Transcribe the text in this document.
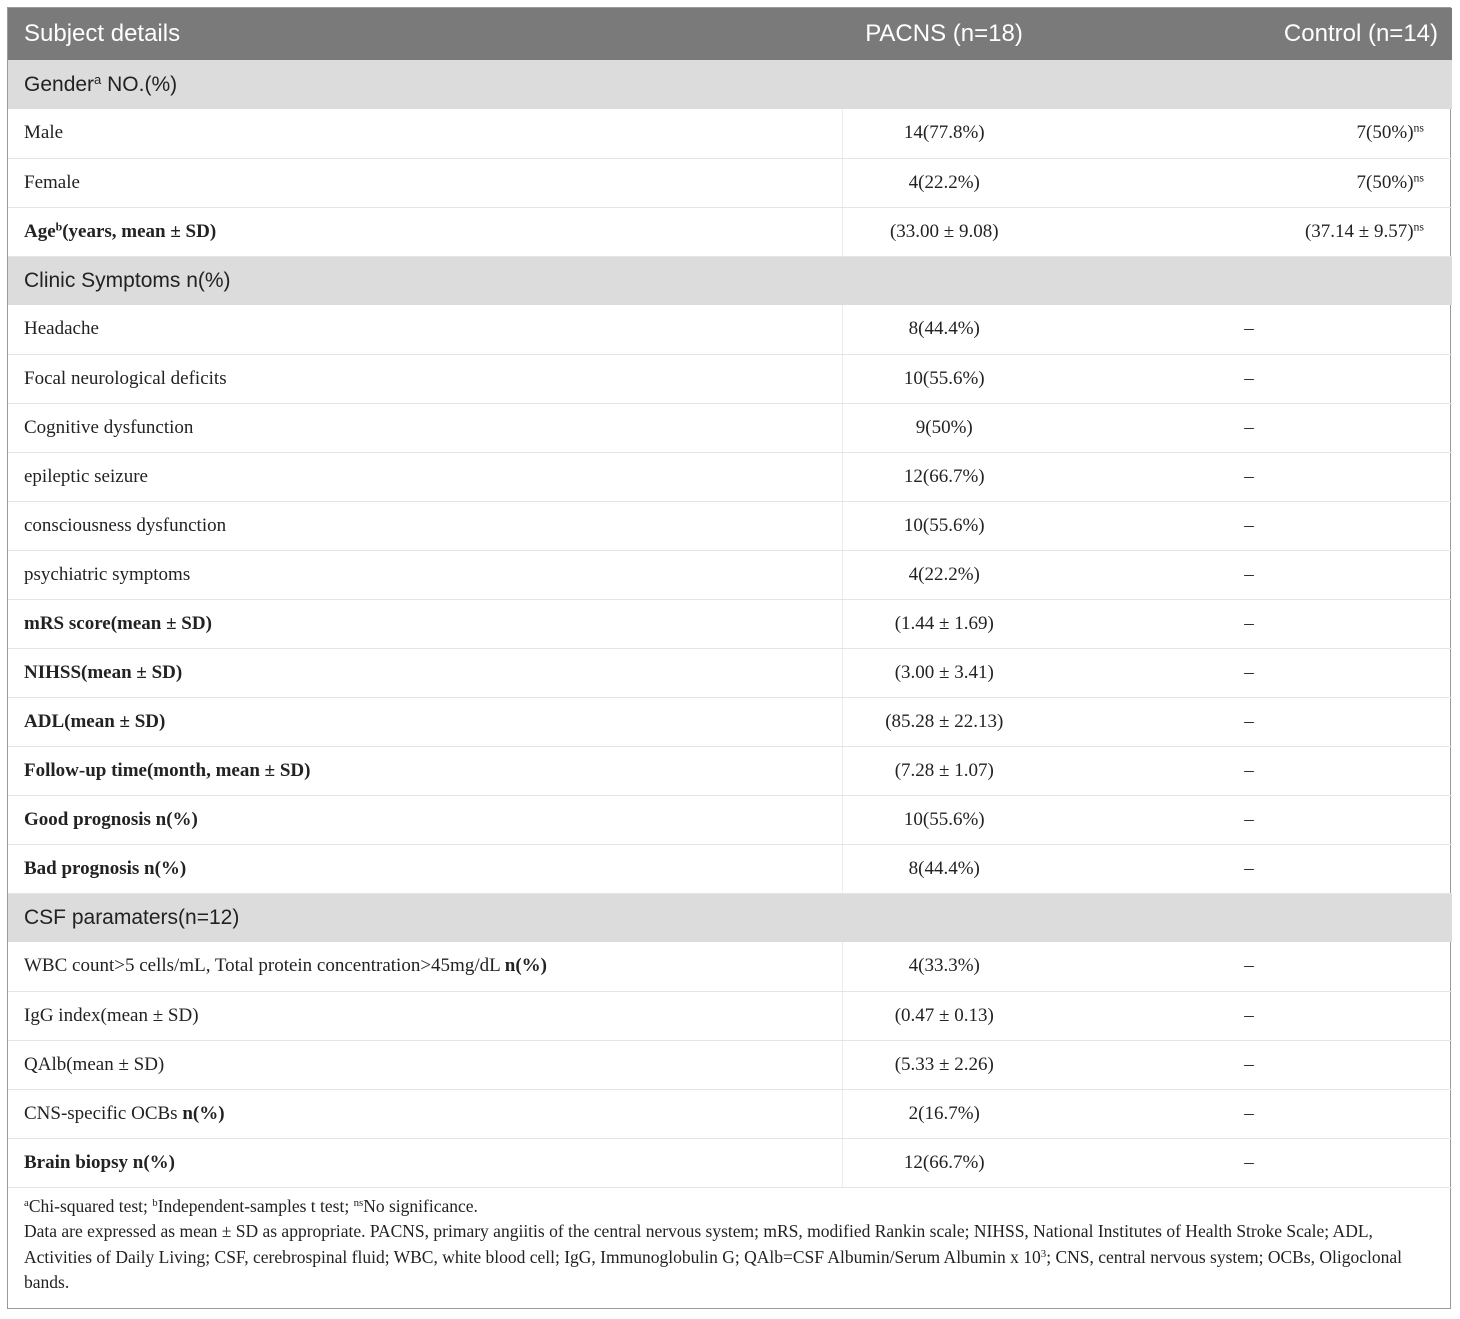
Subject details	PACNS (n=18)	Control (n=14)
Gender$^a$ NO.(%)		
Male	14(77.8%)	$7(50\%)^{ns}$
Female	4(22.2%)	$7(50\%)^{ns}$
Age$^b$(years, mean ± SD)	(33.00 ± 9.08)	$(37.14 \pm 9.57)^{ns}$
Clinic Symptoms n(%)		
Headache	8(44.4%)	–
Focal neurological deficits	10(55.6%)	–
Cognitive dysfunction	9(50%)	–
epileptic seizure	12(66.7%)	–
consciousness dysfunction	10(55.6%)	–
psychiatric symptoms	4(22.2%)	–
mRS score(mean ± SD)	(1.44 ± 1.69)	–
NIHSS(mean ± SD)	(3.00 ± 3.41)	–
ADL(mean ± SD)	(85.28 ± 22.13)	–
Follow-up time(month, mean ± SD)	(7.28 ± 1.07)	–
Good prognosis n(%)	10(55.6%)	–
Bad prognosis n(%)	8(44.4%)	–
CSF paramaters(n=12)		
WBC count>5 cells/mL, Total protein concentration>45mg/dL n(%)	4(33.3%)	–
IgG index(mean ± SD)	(0.47 ± 0.13)	–
QAlb(mean ± SD)	(5.33 ± 2.26)	–
CNS-specific OCBs n(%)	2(16.7%)	–
Brain biopsy n(%)	12(66.7%)	–
$^a$Chi-squared test; $^b$Independent-samples t test; $^{ns}$No significance.
Data are expressed as mean ± SD as appropriate. PACNS, primary angiitis of the central nervous system; mRS, modified Rankin scale; NIHSS, National Institutes of Health Stroke Scale; ADL, Activities of Daily Living; CSF, cerebrospinal fluid; WBC, white blood cell; IgG, Immunoglobulin G; QAlb=CSF Albumin/Serum Albumin x $10^3$; CNS, central nervous system; OCBs, Oligoclonal bands.
